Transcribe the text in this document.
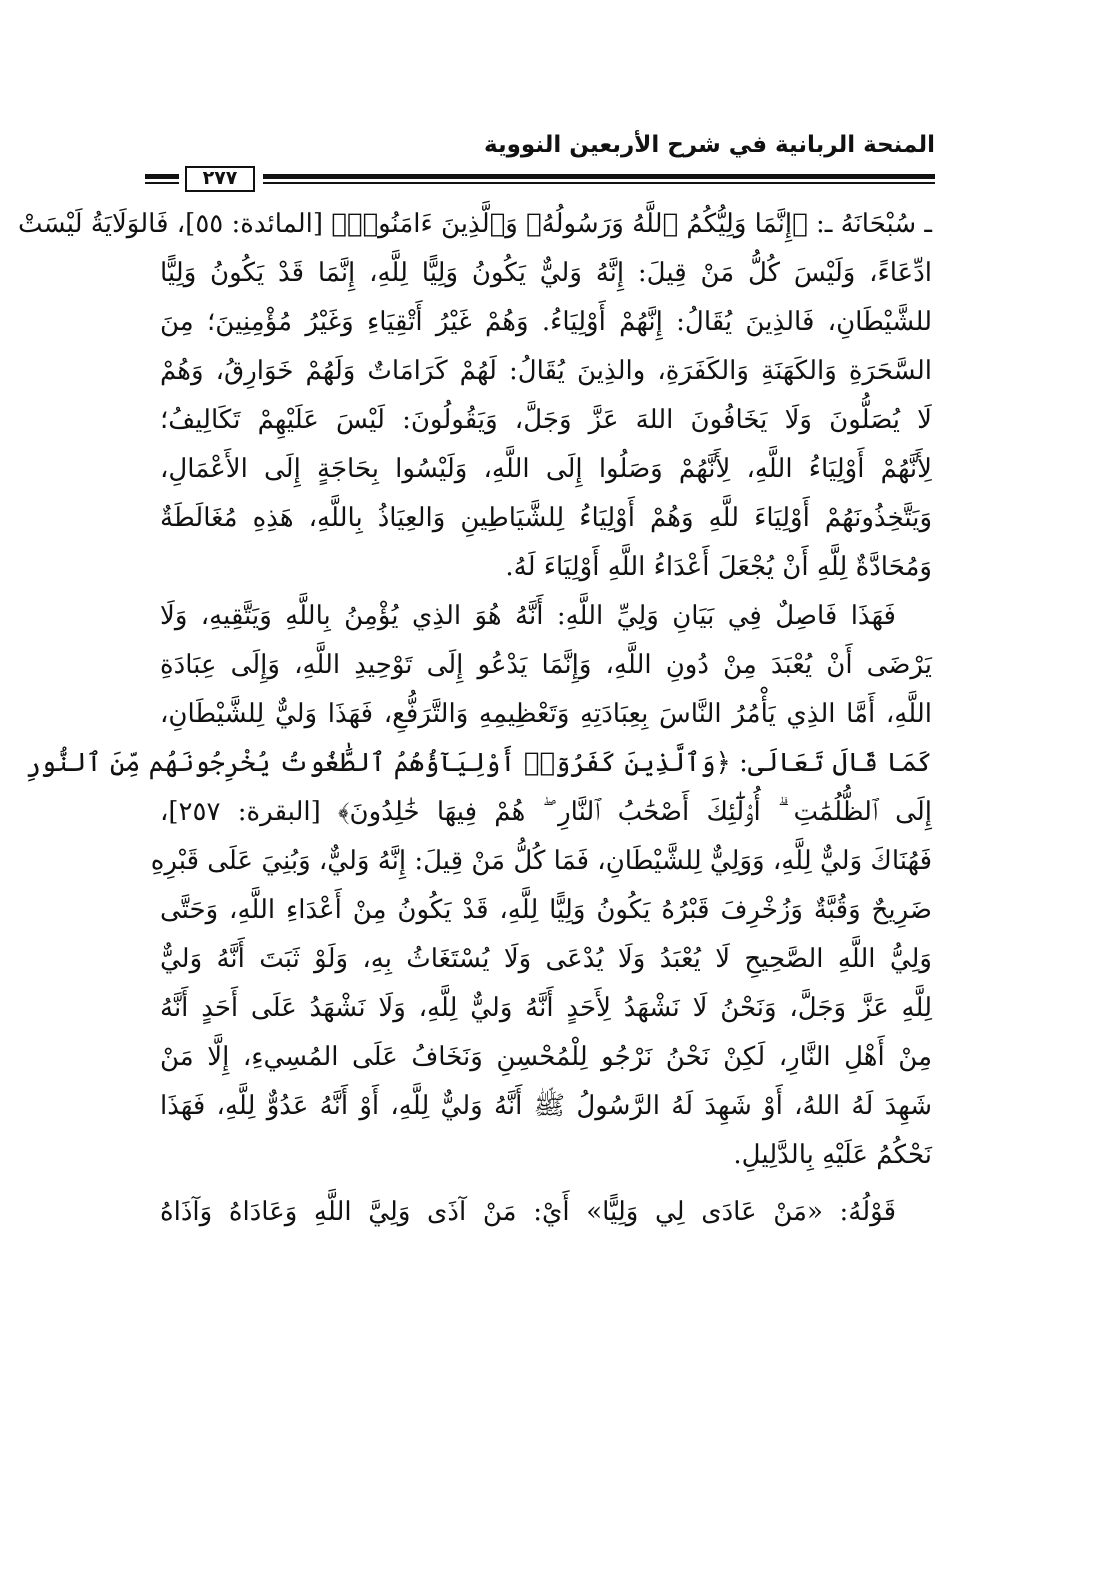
المنحة الربانية في شرح الأربعين النووية
٢٧٧
ـ سُبْحَانَهُ ـ: ﴿إِنَّمَا وَلِيُّكُمُ ٱللَّهُ وَرَسُولُهُۥ وَٱلَّذِينَ ءَامَنُوا۟﴾ [المائدة: ٥٥]، فَالوَلَايَةُ لَيْسَتْ
ادِّعَاءً، وَلَيْسَ كُلُّ مَنْ قِيلَ: إِنَّهُ وَليٌّ يَكُونُ وَلِيًّا لِلَّهِ، إِنَّمَا قَدْ يَكُونُ وَلِيًّا
للشَّيْطَانِ، فَالذِينَ يُقَالُ: إِنَّهُمْ أَوْلِيَاءُ. وَهُمْ غَيْرُ أَتْقِيَاءِ وَغَيْرُ مُؤْمِنِينَ؛ مِنَ
السَّحَرَةِ وَالكَهَنَةِ وَالكَفَرَةِ، والذِينَ يُقَالُ: لَهُمْ كَرَامَاتٌ وَلَهُمْ خَوَارِقُ، وَهُمْ
لَا يُصَلُّونَ وَلَا يَخَافُونَ اللهَ عَزَّ وَجَلَّ، وَيَقُولُونَ: لَيْسَ عَلَيْهِمْ تَكَالِيفُ؛
لِأَنَّهُمْ أَوْلِيَاءُ اللَّهِ، لِأَنَّهُمْ وَصَلُوا إِلَى اللَّهِ، وَلَيْسُوا بِحَاجَةٍ إِلَى الأَعْمَالِ،
وَيَتَّخِذُونَهُمْ أَوْلِيَاءَ للَّهِ وَهُمْ أَوْلِيَاءُ لِلشَّيَاطِينِ وَالعِيَاذُ بِاللَّهِ، هَذِهِ مُغَالَطَةٌ
وَمُحَادَّةٌ لِلَّهِ أَنْ يُجْعَلَ أَعْدَاءُ اللَّهِ أَوْلِيَاءَ لَهُ.
فَهَذَا فَاصِلٌ فِي بَيَانِ وَلِيِّ اللَّهِ: أَنَّهُ هُوَ الذِي يُؤْمِنُ بِاللَّهِ وَيَتَّقِيهِ، وَلَا
يَرْضَى أَنْ يُعْبَدَ مِنْ دُونِ اللَّهِ، وَإِنَّمَا يَدْعُو إِلَى تَوْحِيدِ اللَّهِ، وَإِلَى عِبَادَةِ
اللَّهِ، أَمَّا الذِي يَأْمُرُ النَّاسَ بِعِبَادَتِهِ وَتَعْظِيمِهِ وَالتَّرَفُّعِ، فَهَذَا وَليٌّ لِلشَّيْطَانِ،
كَمَا قَالَ تَعَالَى: ﴿وَٱلَّذِينَ كَفَرُوٓا۟ أَوْلِيَآؤُهُمُ ٱلطَّٰغُوتُ يُخْرِجُونَهُم مِّنَ ٱلنُّورِ
إِلَى ٱلظُّلُمَٰتِ ۗ أُو۟لَٰٓئِكَ أَصْحَٰبُ ٱلنَّارِ ۖ هُمْ فِيهَا خَٰلِدُونَ﴾ [البقرة: ٢٥٧]،
فَهُنَاكَ وَليٌّ لِلَّهِ، وَوَلِيٌّ لِلشَّيْطَانِ، فَمَا كُلُّ مَنْ قِيلَ: إِنَّهُ وَليٌّ، وَبُنِيَ عَلَى قَبْرِهِ
ضَرِيحٌ وَقُبَّةٌ وَزُخْرِفَ قَبْرُهُ يَكُونُ وَلِيًّا لِلَّهِ، قَدْ يَكُونُ مِنْ أَعْدَاءِ اللَّهِ، وَحَتَّى
وَلِيُّ اللَّهِ الصَّحِيحِ لَا يُعْبَدُ وَلَا يُدْعَى وَلَا يُسْتَغَاثُ بِهِ، وَلَوْ ثَبَتَ أَنَّهُ وَليٌّ
لِلَّهِ عَزَّ وَجَلَّ، وَنَحْنُ لَا نَشْهَدُ لِأَحَدٍ أَنَّهُ وَليٌّ لِلَّهِ، وَلَا نَشْهَدُ عَلَى أَحَدٍ أَنَّهُ
مِنْ أَهْلِ النَّارِ، لَكِنْ نَحْنُ نَرْجُو لِلْمُحْسِنِ وَنَخَافُ عَلَى المُسِيءِ، إِلَّا مَنْ
شَهِدَ لَهُ اللهُ، أَوْ شَهِدَ لَهُ الرَّسُولُ ﷺ أَنَّهُ وَليٌّ لِلَّهِ، أَوْ أَنَّهُ عَدُوٌّ لِلَّهِ، فَهَذَا
نَحْكُمُ عَلَيْهِ بِالدَّلِيلِ.
قَوْلُهُ: «مَنْ عَادَى لِي وَلِيًّا» أَيْ: مَنْ آذَى وَلِيَّ اللَّهِ وَعَادَاهُ وَآذَاهُ
